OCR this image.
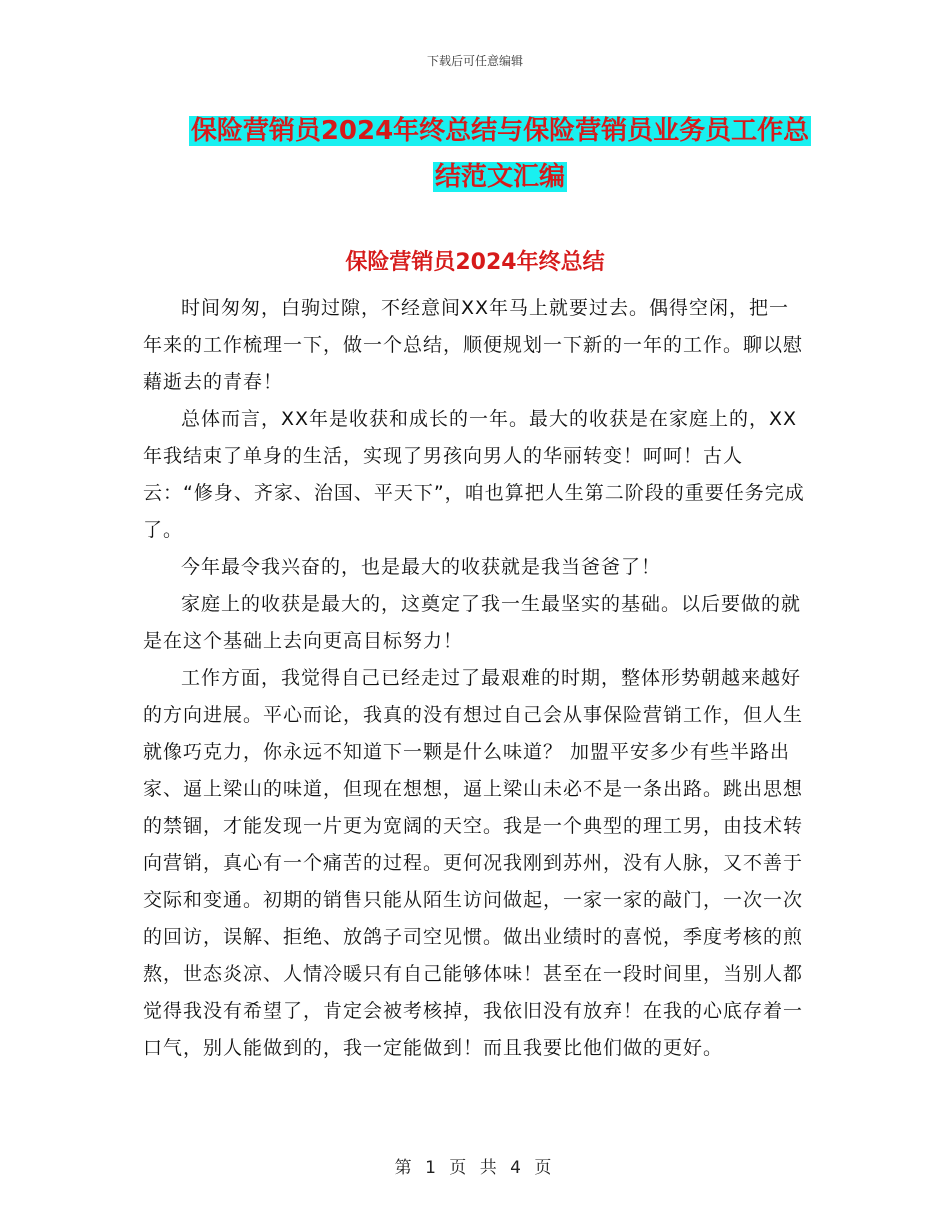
下载后可任意编辑
保险营销员2024年终总结与保险营销员业务员工作总
结范文汇编
保险营销员2024年终总结

时间匆匆，白驹过隙，不经意间XX年马上就要过去。偶得空闲，把一年来的工作梳理一下，做一个总结，顺便规划一下新的一年的工作。聊以慰藉逝去的青春！

总体而言，XX年是收获和成长的一年。最大的收获是在家庭上的，XX年我结束了单身的生活，实现了男孩向男人的华丽转变！呵呵！古人云：“修身、齐家、治国、平天下”，咱也算把人生第二阶段的重要任务完成了。

今年最令我兴奋的，也是最大的收获就是我当爸爸了！

家庭上的收获是最大的，这奠定了我一生最坚实的基础。以后要做的就是在这个基础上去向更高目标努力！

工作方面，我觉得自己已经走过了最艰难的时期，整体形势朝越来越好的方向进展。平心而论，我真的没有想过自己会从事保险营销工作，但人生就像巧克力，你永远不知道下一颗是什么味道？ 加盟平安多少有些半路出家、逼上梁山的味道，但现在想想，逼上梁山未必不是一条出路。跳出思想的禁锢，才能发现一片更为宽阔的天空。我是一个典型的理工男，由技术转向营销，真心有一个痛苦的过程。更何况我刚到苏州，没有人脉，又不善于交际和变通。初期的销售只能从陌生访问做起，一家一家的敲门，一次一次的回访，误解、拒绝、放鸽子司空见惯。做出业绩时的喜悦，季度考核的煎熬，世态炎凉、人情冷暖只有自己能够体味！甚至在一段时间里，当别人都觉得我没有希望了，肯定会被考核掉，我依旧没有放弃！在我的心底存着一口气，别人能做到的，我一定能做到！而且我要比他们做的更好。

第 1 页 共 4 页
